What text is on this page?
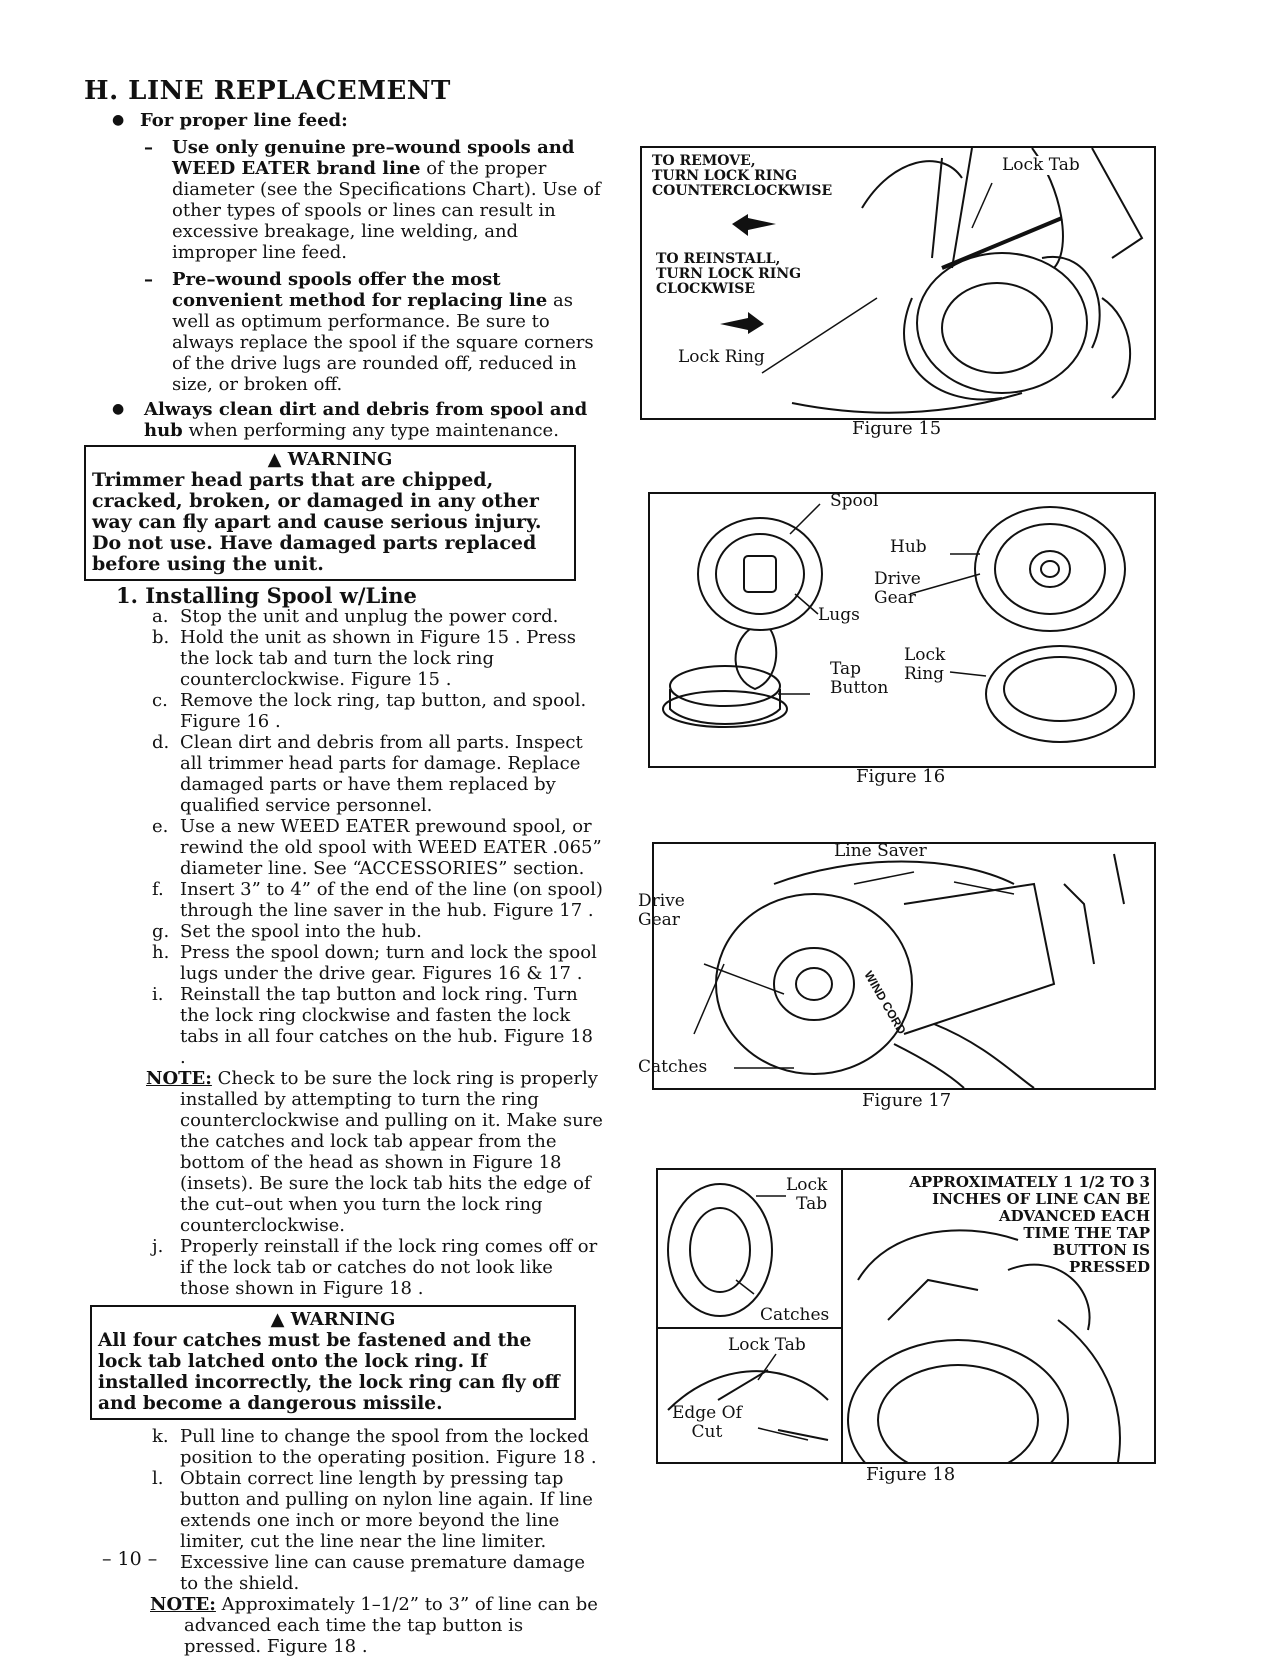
H. LINE REPLACEMENT
● For proper line feed:
– Use only genuine pre–wound spools and WEED EATER brand line of the proper diameter (see the Specifications Chart). Use of other types of spools or lines can result in excessive breakage, line welding, and improper line feed.
– Pre–wound spools offer the most convenient method for replacing line as well as optimum performance. Be sure to always replace the spool if the square corners of the drive lugs are rounded off, reduced in size, or broken off.
● Always clean dirt and debris from spool and hub when performing any type maintenance.
▲ WARNING
Trimmer head parts that are chipped, cracked, broken, or damaged in any other way can fly apart and cause serious injury. Do not use. Have damaged parts replaced before using the unit.
1. Installing Spool w/Line
a. Stop the unit and unplug the power cord.
b. Hold the unit as shown in Figure 15 . Press the lock tab and turn the lock ring counterclockwise. Figure 15 .
c. Remove the lock ring, tap button, and spool. Figure 16 .
d. Clean dirt and debris from all parts. Inspect all trimmer head parts for damage. Replace damaged parts or have them replaced by qualified service personnel.
e. Use a new WEED EATER prewound spool, or rewind the old spool with WEED EATER .065” diameter line. See “ACCESSORIES” section.
f. Insert 3” to 4” of the end of the line (on spool) through the line saver in the hub. Figure 17 .
g. Set the spool into the hub.
h. Press the spool down; turn and lock the spool lugs under the drive gear. Figures 16 & 17 .
i. Reinstall the tap button and lock ring. Turn the lock ring clockwise and fasten the lock tabs in all four catches on the hub. Figure 18 .
NOTE: Check to be sure the lock ring is properly installed by attempting to turn the ring counterclockwise and pulling on it. Make sure the catches and lock tab appear from the bottom of the head as shown in Figure 18 (insets). Be sure the lock tab hits the edge of the cut–out when you turn the lock ring counterclockwise.
j. Properly reinstall if the lock ring comes off or if the lock tab or catches do not look like those shown in Figure 18 .
▲ WARNING
All four catches must be fastened and the lock tab latched onto the lock ring. If installed incorrectly, the lock ring can fly off and become a dangerous missile.
k. Pull line to change the spool from the locked position to the operating position. Figure 18 .
l. Obtain correct line length by pressing tap button and pulling on nylon line again. If line extends one inch or more beyond the line limiter, cut the line near the line limiter. Excessive line can cause premature damage to the shield.
NOTE: Approximately 1–1/2” to 3” of line can be advanced each time the tap button is pressed. Figure 18 .
– 10 –
TO REMOVE,
TURN LOCK RING
COUNTERCLOCKWISE
TO REINSTALL,
TURN LOCK RING
CLOCKWISE
Lock Tab
Lock Ring
Figure 15
Spool
Hub
Drive
Gear
Lugs
Lock
Ring
Tap
Button
Figure 16
WIND CORD
Line Saver
Drive
Gear
Catches
Figure 17
Lock
Tab
Catches
Lock Tab
Edge Of
Cut
APPROXIMATELY 1 1/2 TO 3
INCHES OF LINE CAN BE
ADVANCED EACH
TIME THE TAP
BUTTON IS
PRESSED
Figure 18
